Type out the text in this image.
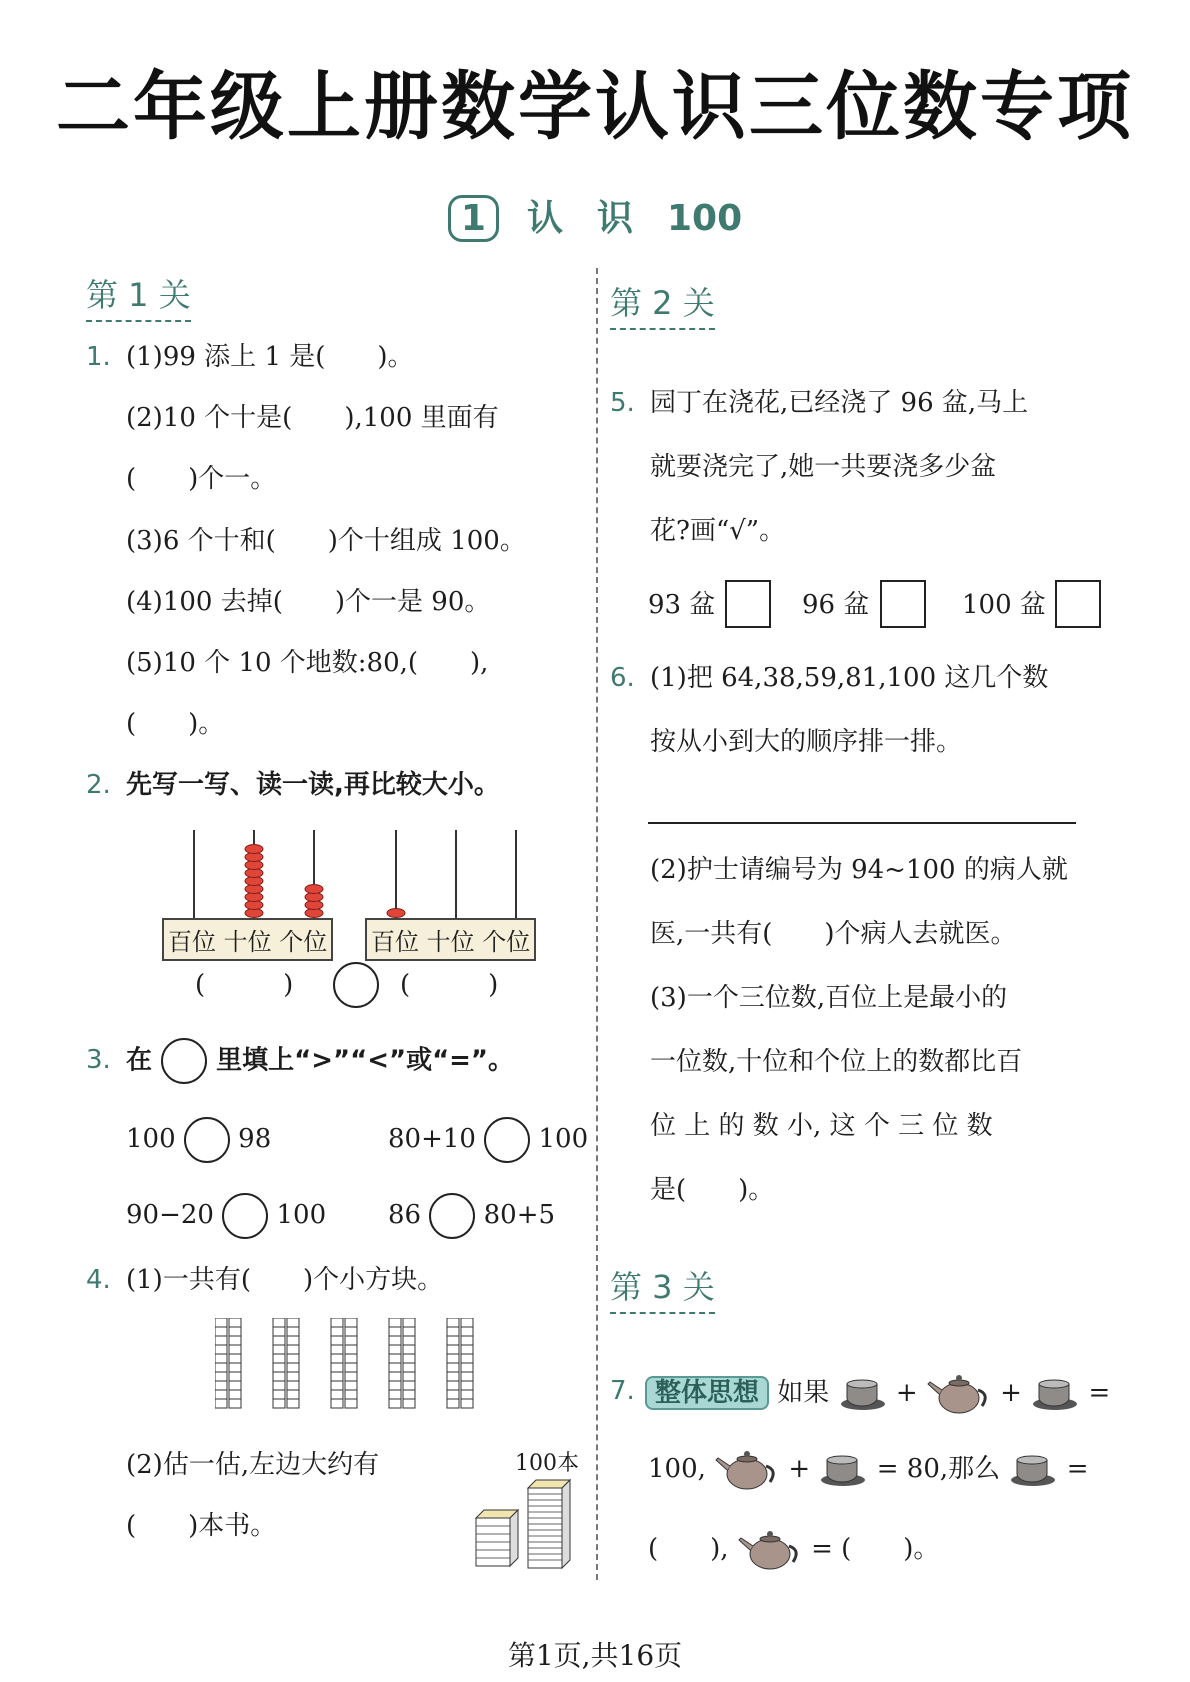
二年级上册数学认识三位数专项
1 认 识 100
第 1 关
1. (1)99 添上 1 是(　　)。
(2)10 个十是(　　),100 里面有
(　　)个一。
(3)6 个十和(　　)个十组成 100。
(4)100 去掉(　　)个一是 90。
(5)10 个 10 个地数:80,(　　),
(　　)。
2. 先写一写、读一读,再比较大小。
百位 十位 个位 百位 十位 个位
(　　　)	(　　　)
3. 在 里填上“>”“<”或“=”。
100 98	80+10 100
90−20 100 86 80+5
4. (1)一共有(　　)个小方块。
(2)估一估,左边大约有
(　　)本书。
100本
第 2 关
5. 园丁在浇花,已经浇了 96 盆,马上
就要浇完了,她一共要浇多少盆
花?画“√”。
93 盆	96 盆	100 盆
6. (1)把 64,38,59,81,100 这几个数
按从小到大的顺序排一排。
(2)护士请编号为 94~100 的病人就
医,一共有(　　)个病人去就医。
(3)一个三位数,百位上是最小的
一位数,十位和个位上的数都比百
位 上 的 数 小, 这 个 三 位 数
是(　　)。
第 3 关
7. 整体思想 如果	+	+	=
100,	+	= 80,那么	=
(　　),	= (　　)。
第1页,共16页
